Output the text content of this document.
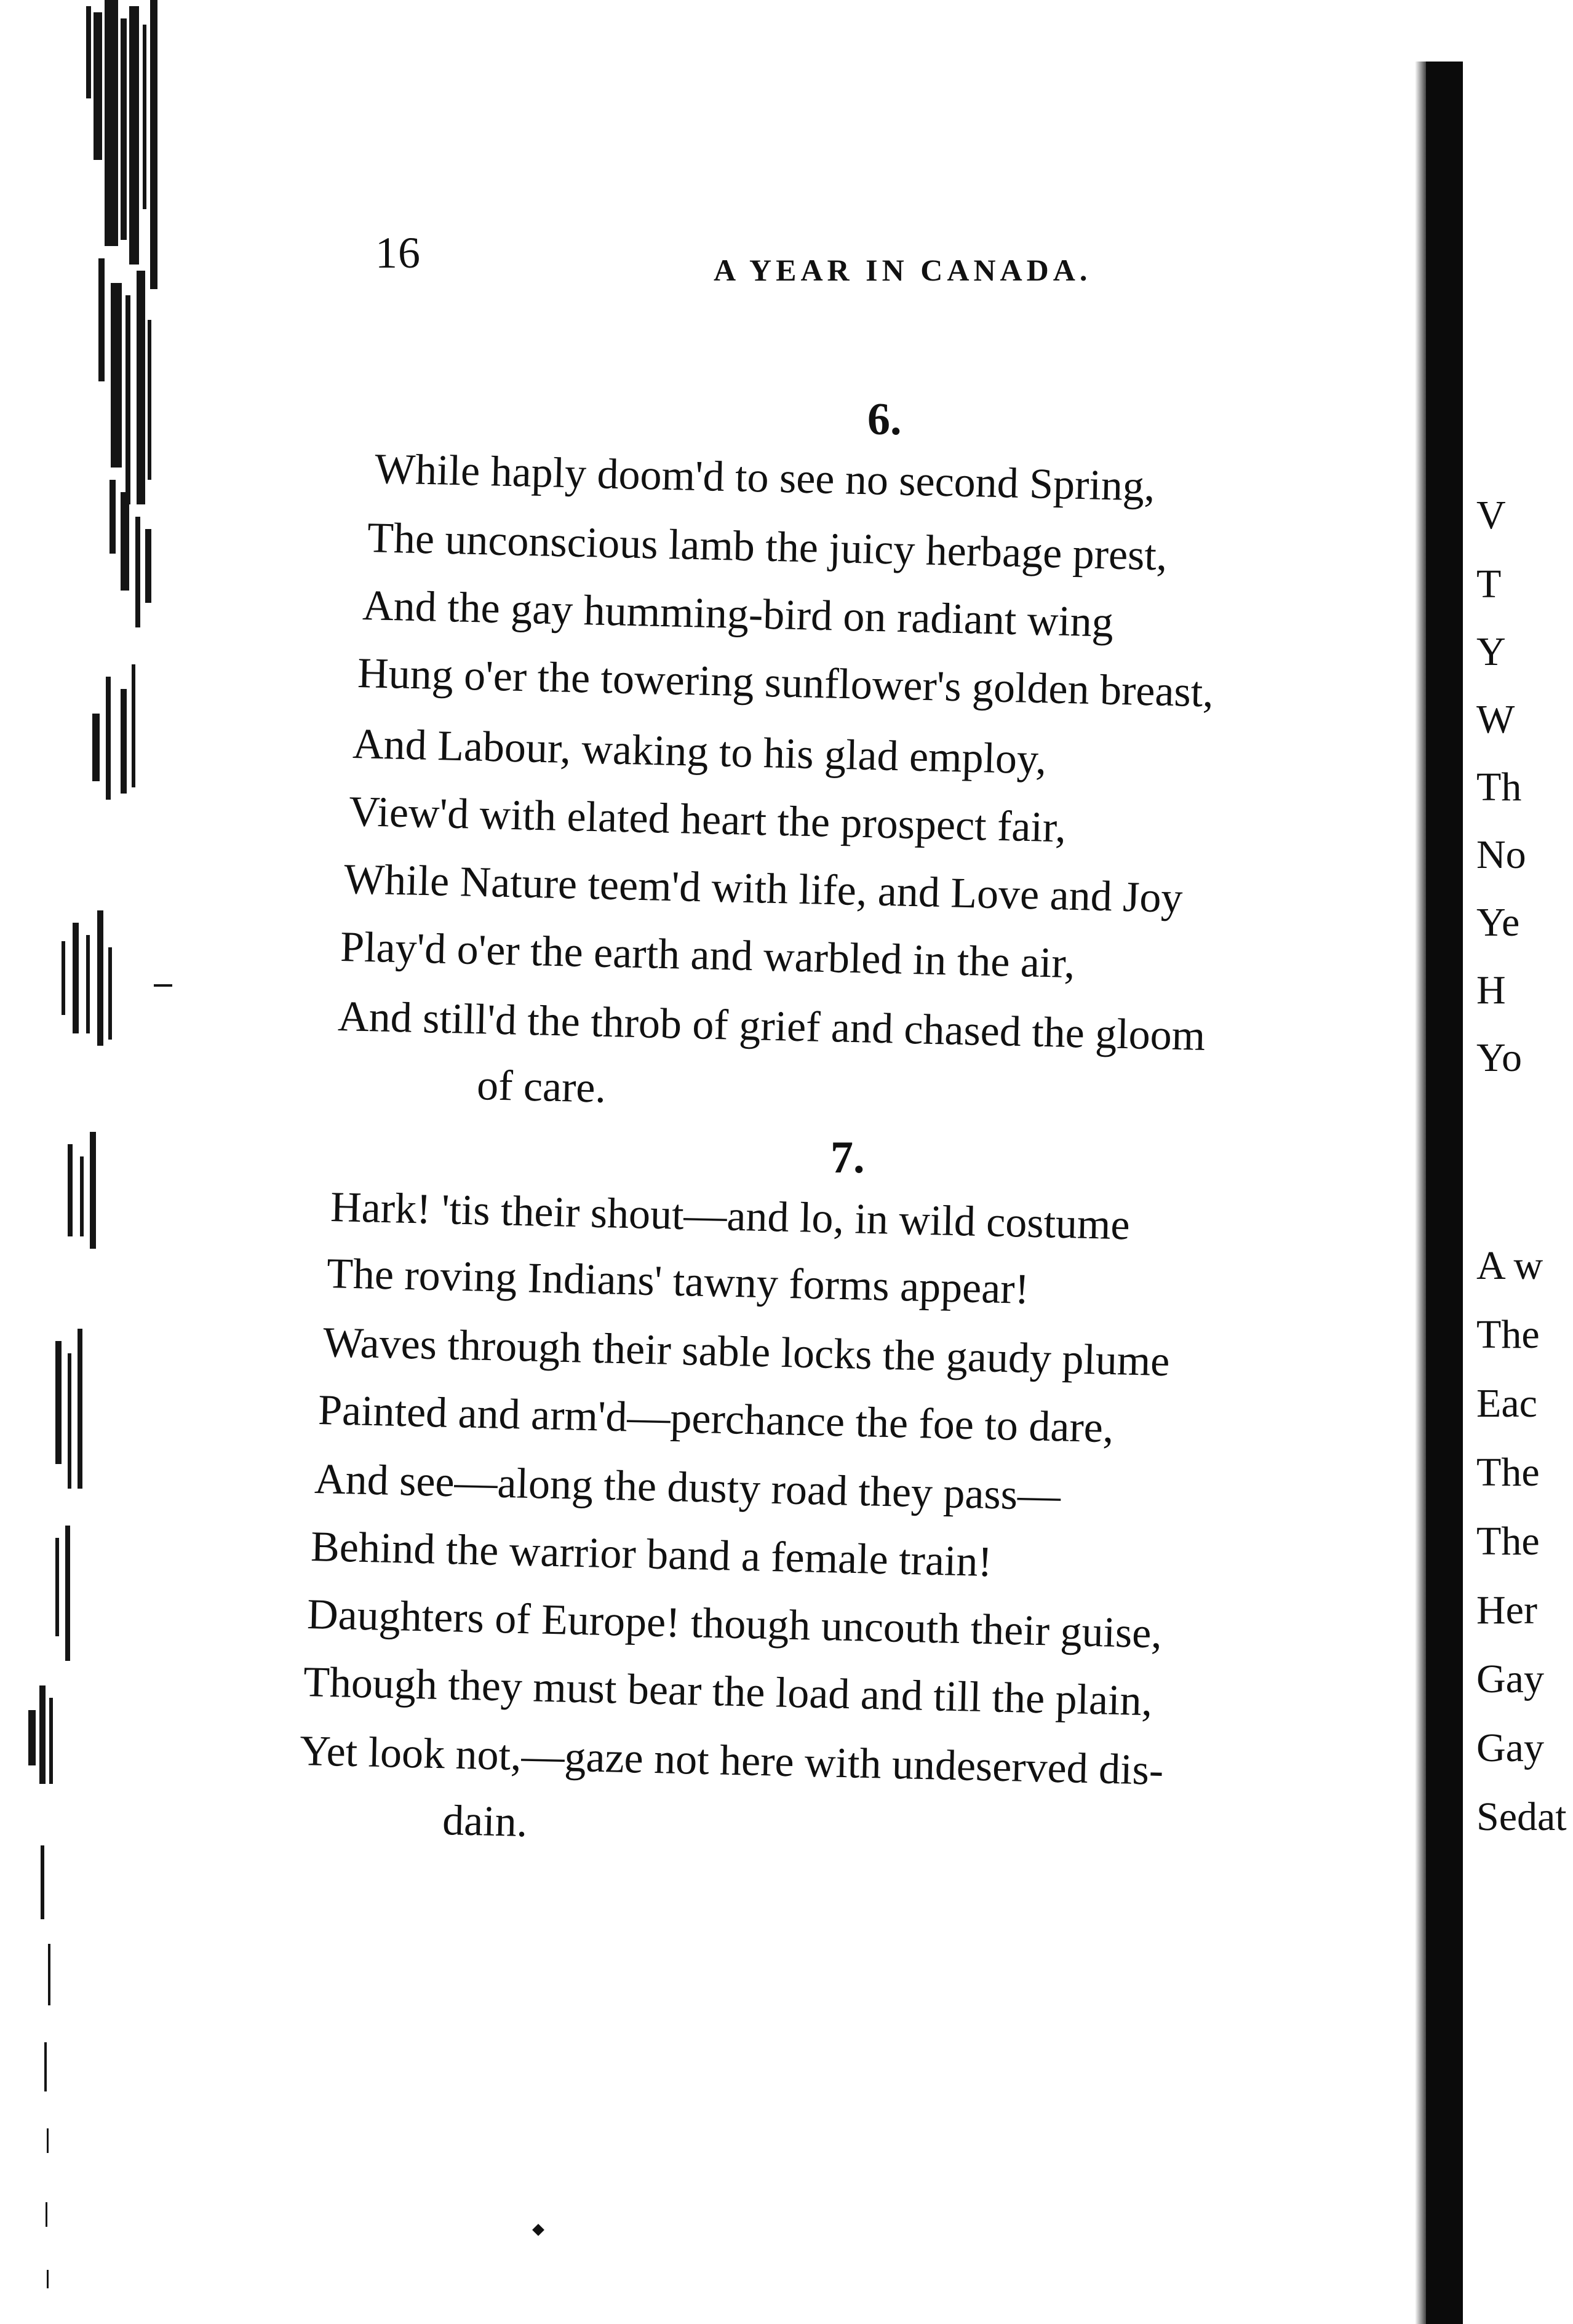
16	A YEAR IN CANADA.
6.
While haply doom'd to see no second Spring,
The unconscious lamb the juicy herbage prest,
And the gay humming-bird on radiant wing
Hung o'er the towering sunflower's golden breast,
And Labour, waking to his glad employ,
View'd with elated heart the prospect fair,
While Nature teem'd with life, and Love and Joy
Play'd o'er the earth and warbled in the air,
And still'd the throb of grief and chased the gloom
of care.
7.
Hark! 'tis their shout—and lo, in wild costume
The roving Indians' tawny forms appear!
Waves through their sable locks the gaudy plume
Painted and arm'd—perchance the foe to dare,
And see—along the dusty road they pass—
Behind the warrior band a female train!
Daughters of Europe! though uncouth their guise,
Though they must bear the load and till the plain,
Yet look not,—gaze not here with undeserved dis-
dain.
V
T
Y
W
Th
No
Ye
H
Yo
A w
The
Eac
The
The
Her
Gay
Gay
Sedat
